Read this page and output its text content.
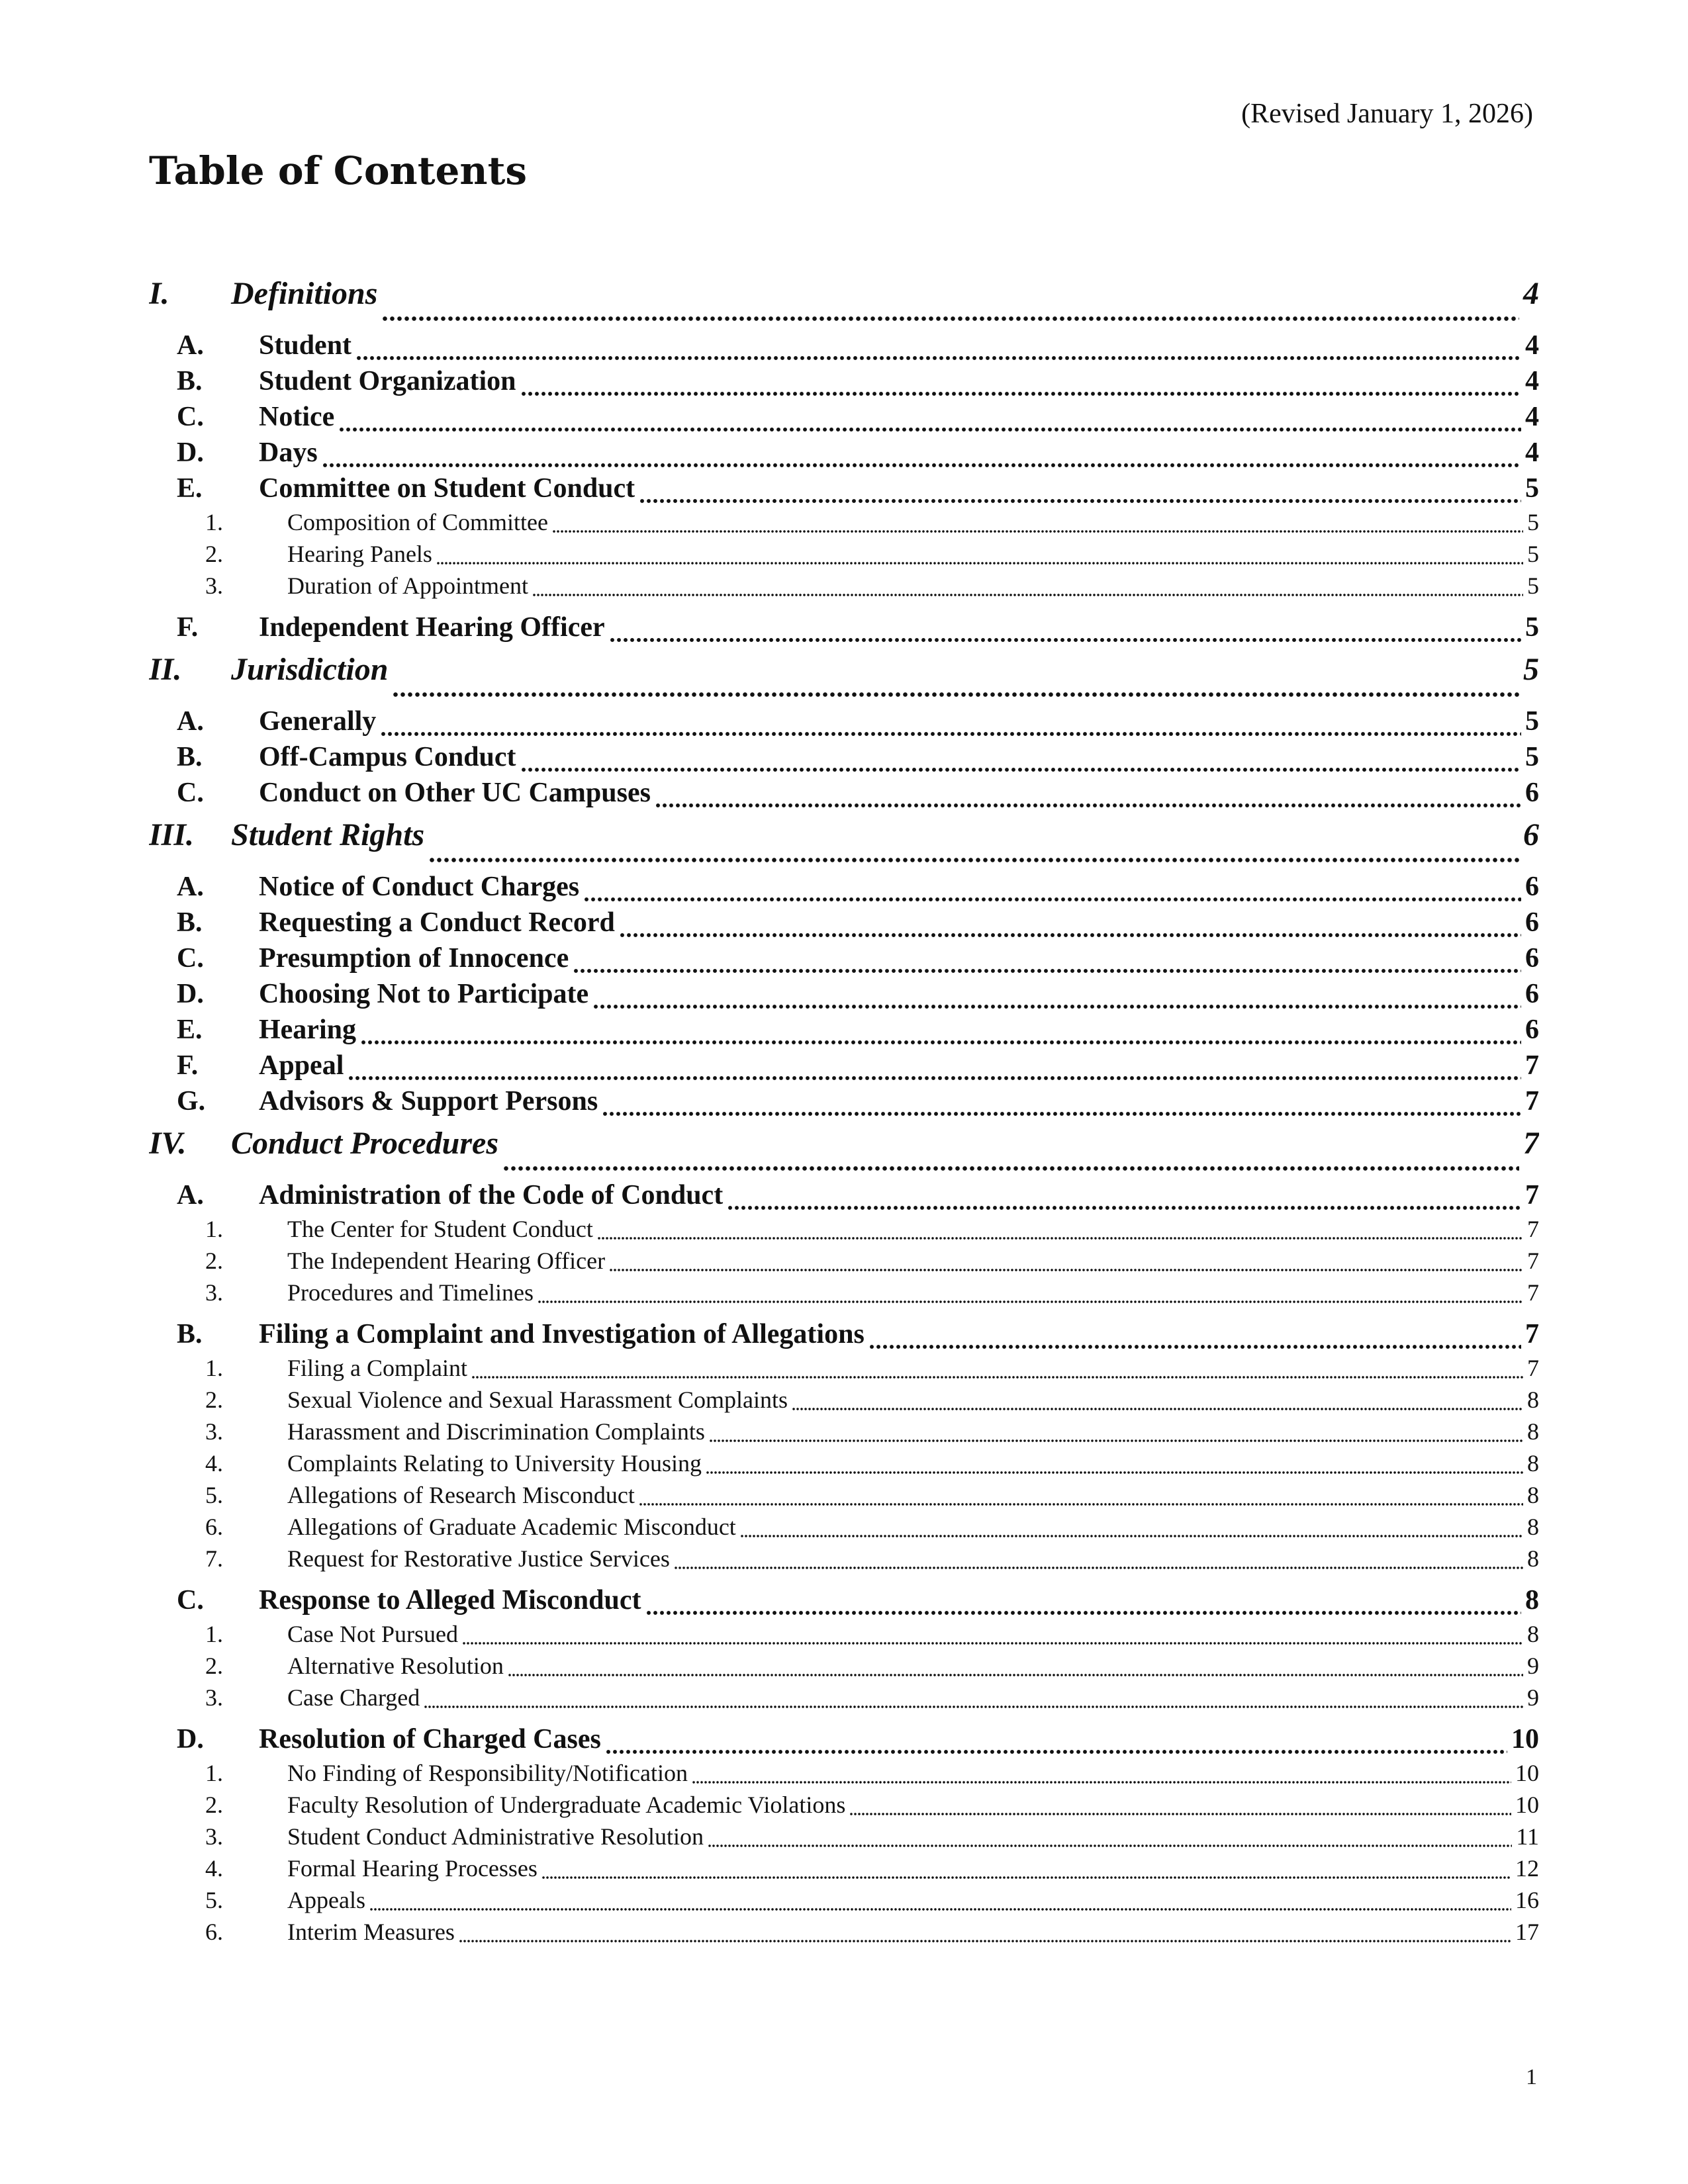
(Revised January 1, 2026)
Table of Contents
I.	Definitions	4
A.	Student	4
B.	Student Organization	4
C.	Notice	4
D.	Days	4
E.	Committee on Student Conduct	5
1.	Composition of Committee	5
2.	Hearing Panels	5
3.	Duration of Appointment	5
F.	Independent Hearing Officer	5
II.	Jurisdiction	5
A.	Generally	5
B.	Off-Campus Conduct	5
C.	Conduct on Other UC Campuses	6
III.	Student Rights	6
A.	Notice of Conduct Charges	6
B.	Requesting a Conduct Record	6
C.	Presumption of Innocence	6
D.	Choosing Not to Participate	6
E.	Hearing	6
F.	Appeal	7
G.	Advisors & Support Persons	7
IV.	Conduct Procedures	7
A.	Administration of the Code of Conduct	7
1.	The Center for Student Conduct	7
2.	The Independent Hearing Officer	7
3.	Procedures and Timelines	7
B.	Filing a Complaint and Investigation of Allegations	7
1.	Filing a Complaint	7
2.	Sexual Violence and Sexual Harassment Complaints	8
3.	Harassment and Discrimination Complaints	8
4.	Complaints Relating to University Housing	8
5.	Allegations of Research Misconduct	8
6.	Allegations of Graduate Academic Misconduct	8
7.	Request for Restorative Justice Services	8
C.	Response to Alleged Misconduct	8
1.	Case Not Pursued	8
2.	Alternative Resolution	9
3.	Case Charged	9
D.	Resolution of Charged Cases	10
1.	No Finding of Responsibility/Notification	10
2.	Faculty Resolution of Undergraduate Academic Violations	10
3.	Student Conduct Administrative Resolution	11
4.	Formal Hearing Processes	12
5.	Appeals	16
6.	Interim Measures	17
1
